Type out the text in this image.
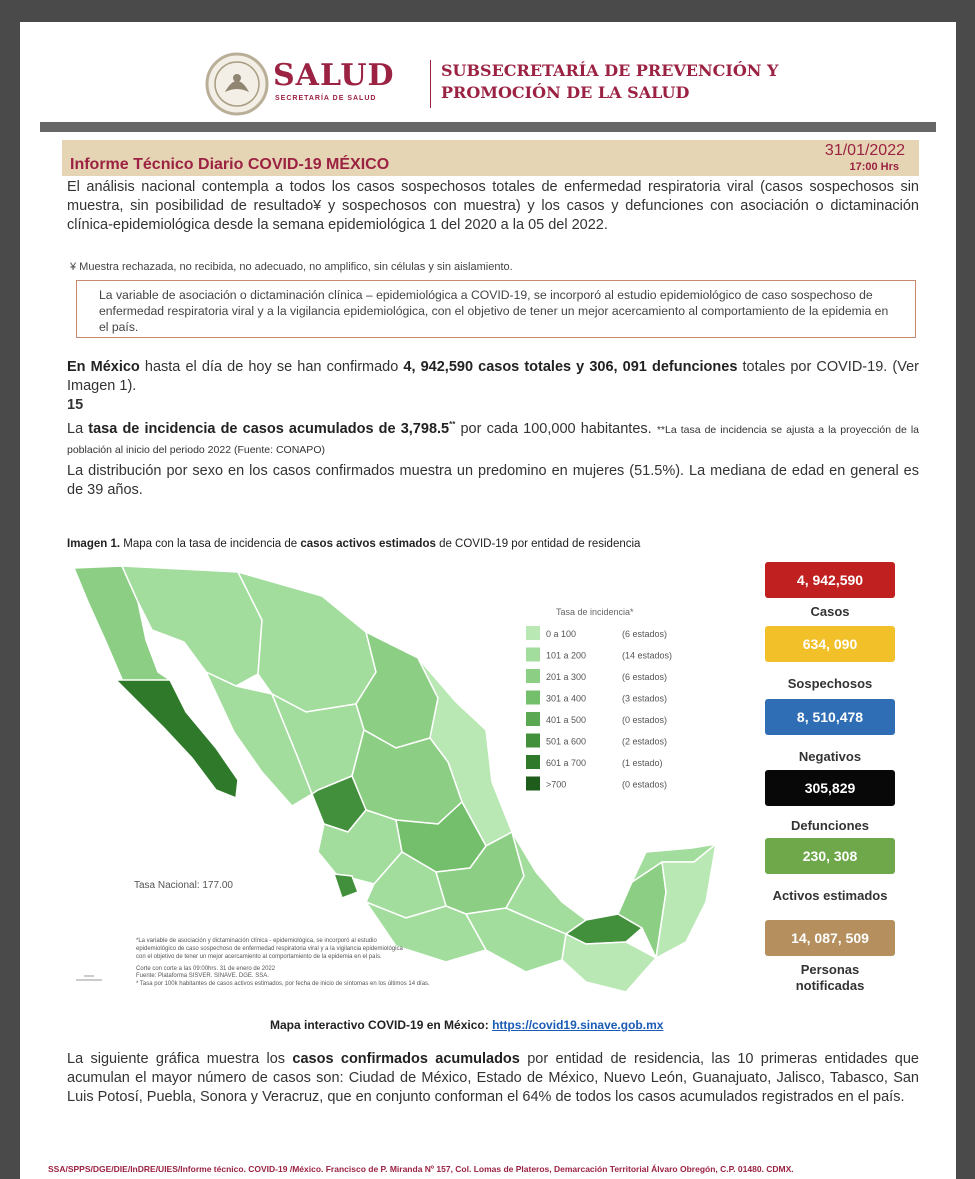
SALUD
SECRETARÍA DE SALUD
SUBSECRETARÍA DE PREVENCIÓN Y
PROMOCIÓN DE LA SALUD
Informe Técnico Diario COVID-19 MÉXICO
31/01/2022
17:00 Hrs
El análisis nacional contempla a todos los casos sospechosos totales de enfermedad respiratoria viral (casos sospechosos sin muestra, sin posibilidad de resultado¥ y sospechosos con muestra) y los casos y defunciones con asociación o dictaminación clínica-epidemiológica desde la semana epidemiológica 1 del 2020 a la 05 del 2022.
¥ Muestra rechazada, no recibida, no adecuado, no amplifico, sin células y sin aislamiento.
La variable de asociación o dictaminación clínica – epidemiológica a COVID-19, se incorporó al estudio epidemiológico de caso sospechoso de enfermedad respiratoria viral y a la vigilancia epidemiológica, con el objetivo de tener un mejor acercamiento al comportamiento de la epidemia en el país.
En México hasta el día de hoy se han confirmado 4, 942,590 casos totales y 306, 091 defunciones totales por COVID-19. (Ver Imagen 1).
15
La tasa de incidencia de casos acumulados de 3,798.5** por cada 100,000 habitantes. **La tasa de incidencia se ajusta a la proyección de la población al inicio del periodo 2022 (Fuente: CONAPO)
La distribución por sexo en los casos confirmados muestra un predomino en mujeres (51.5%). La mediana de edad en general es de 39 años.
Imagen 1. Mapa con la tasa de incidencia de casos activos estimados de COVID-19 por entidad de residencia
Tasa de incidencia*
0 a 100	(6 estados)
101 a 200	(14 estados)
201 a 300	(6 estados)
301 a 400	(3 estados)
401 a 500	(0 estados)
501 a 600	(2 estados)
601 a 700	(1 estado)
>700	(0 estados)
Tasa Nacional: 177.00
*La variable de asociación y dictaminación clínica - epidemiológica, se incorporó al estudio
epidemiológico de caso sospechoso de enfermedad respiratoria viral y a la vigilancia epidemiológica
con el objetivo de tener un mejor acercamiento al comportamiento de la epidemia en el país.
Corte con corte a las 09:00hrs. 31 de enero de 2022
Fuente: Plataforma SISVER. SINAVE. DGE. SSA.
* Tasa por 100k habitantes de casos activos estimados, por fecha de inicio de síntomas en los últimos 14 días.
4, 942,590
Casos
634, 090
Sospechosos
8, 510,478
Negativos
305,829
Defunciones
230, 308
Activos estimados
14, 087, 509
Personas notificadas
Mapa interactivo COVID-19 en México: https://covid19.sinave.gob.mx
La siguiente gráfica muestra los casos confirmados acumulados por entidad de residencia, las 10 primeras entidades que acumulan el mayor número de casos son: Ciudad de México, Estado de México, Nuevo León, Guanajuato, Jalisco, Tabasco, San Luis Potosí, Puebla, Sonora y Veracruz, que en conjunto conforman el 64% de todos los casos acumulados registrados en el país.
SSA/SPPS/DGE/DIE/InDRE/UIES/Informe técnico. COVID-19 /México. Francisco de P. Miranda Nº 157, Col. Lomas de Plateros, Demarcación Territorial Álvaro Obregón, C.P. 01480. CDMX.
